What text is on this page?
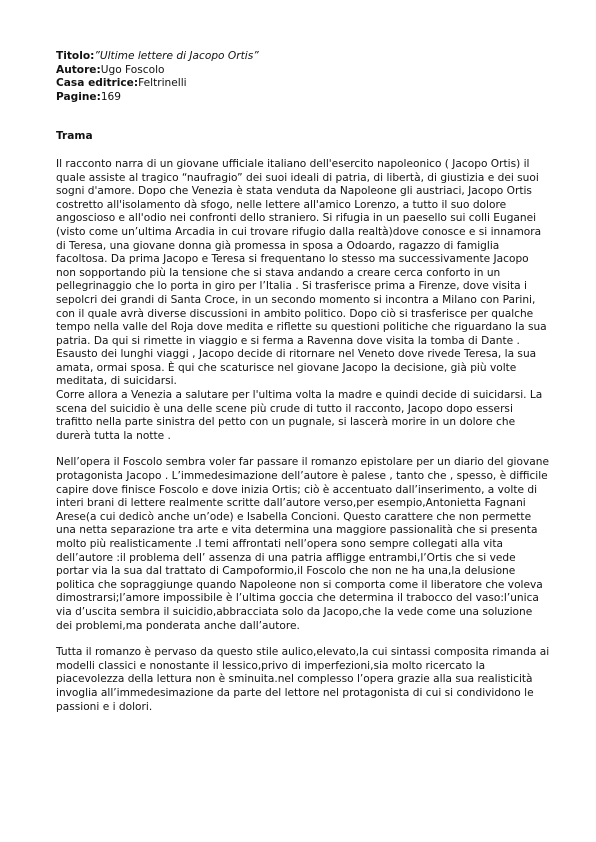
Titolo:”Ultime lettere di Jacopo Ortis”
Autore:Ugo Foscolo
Casa editrice:Feltrinelli
Pagine:169
Trama

Il racconto narra di un giovane ufficiale italiano dell'esercito napoleonico ( Jacopo Ortis) il quale assiste al tragico “naufragio” dei suoi ideali di patria, di libertà, di giustizia e dei suoi sogni d'amore. Dopo che Venezia è stata venduta da Napoleone gli austriaci, Jacopo Ortis costretto all'isolamento dà sfogo, nelle lettere all'amico Lorenzo, a tutto il suo dolore angoscioso e all'odio nei confronti dello straniero. Si rifugia in un paesello sui colli Euganei (visto come un’ultima Arcadia in cui trovare rifugio dalla realtà)dove conosce e si innamora di Teresa, una giovane donna già promessa in sposa a Odoardo, ragazzo di famiglia facoltosa. Da prima Jacopo e Teresa si frequentano lo stesso ma successivamente Jacopo non sopportando più la tensione che si stava andando a creare cerca conforto in un pellegrinaggio che lo porta in giro per l’Italia . Si trasferisce prima a Firenze, dove visita i sepolcri dei grandi di Santa Croce, in un secondo momento si incontra a Milano con Parini, con il quale avrà diverse discussioni in ambito politico. Dopo ciò si trasferisce per qualche tempo nella valle del Roja dove medita e riflette su questioni politiche che riguardano la sua patria. Da qui si rimette in viaggio e si ferma a Ravenna dove visita la tomba di Dante . Esausto dei lunghi viaggi , Jacopo decide di ritornare nel Veneto dove rivede Teresa, la sua amata, ormai sposa. È qui che scaturisce nel giovane Jacopo la decisione, già più volte meditata, di suicidarsi.

Corre allora a Venezia a salutare per l'ultima volta la madre e quindi decide di suicidarsi. La scena del suicidio è una delle scene più crude di tutto il racconto, Jacopo dopo essersi trafitto nella parte sinistra del petto con un pugnale, si lascerà morire in un dolore che durerà tutta la notte .

Nell’opera il Foscolo sembra voler far passare il romanzo epistolare per un diario del giovane protagonista Jacopo . L’immedesimazione dell’autore è palese , tanto che , spesso, è difficile capire dove finisce Foscolo e dove inizia Ortis; ciò è accentuato dall’inserimento, a volte di interi brani di lettere realmente scritte dall’autore verso,per esempio,Antonietta Fagnani Arese(a cui dedicò anche un’ode) e Isabella Concioni. Questo carattere che non permette una netta separazione tra arte e vita determina una maggiore passionalità che si presenta molto più realisticamente .I temi affrontati nell’opera sono sempre collegati alla vita dell’autore :il problema dell’ assenza di una patria affligge entrambi,l’Ortis che si vede portar via la sua dal trattato di Campoformio,il Foscolo che non ne ha una,la delusione politica che sopraggiunge quando Napoleone non si comporta come il liberatore che voleva dimostrarsi;l’amore impossibile è l’ultima goccia che determina il trabocco del vaso:l’unica via d’uscita sembra il suicidio,abbracciata solo da Jacopo,che la vede come una soluzione dei problemi,ma ponderata anche dall’autore.

Tutta il romanzo è pervaso da questo stile aulico,elevato,la cui sintassi composita rimanda ai modelli classici e nonostante il lessico,privo di imperfezioni,sia molto ricercato la piacevolezza della lettura non è sminuita.nel complesso l’opera grazie alla sua realisticità invoglia all’immedesimazione da parte del lettore nel protagonista di cui si condividono le passioni e i dolori.
